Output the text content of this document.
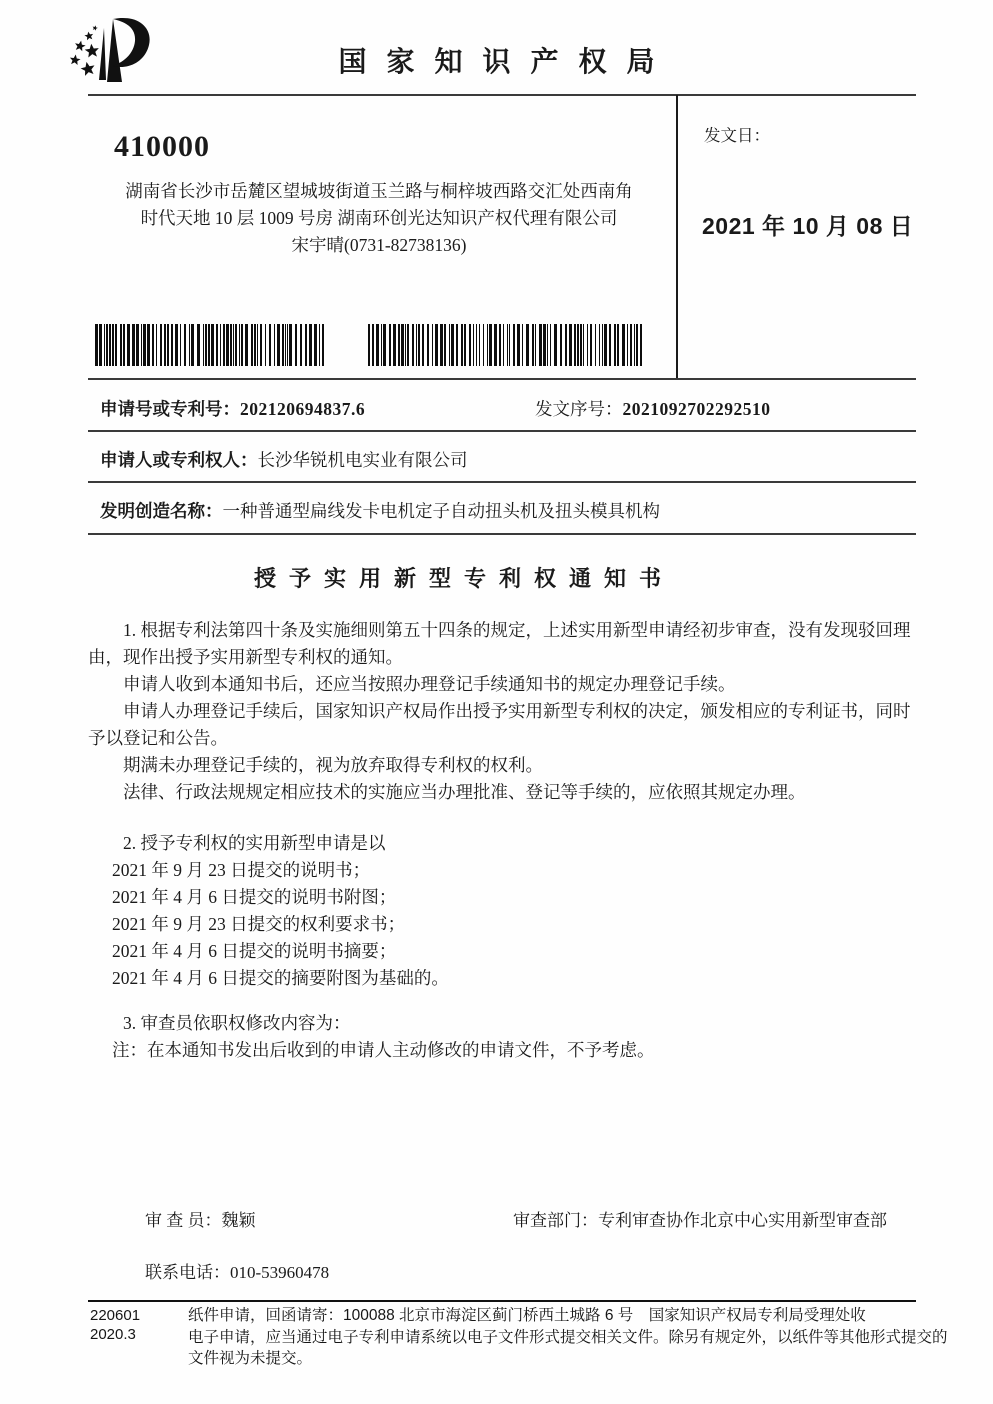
国家知识产权局
410000
湖南省长沙市岳麓区望城坡街道玉兰路与桐梓坡西路交汇处西南角
时代天地 10 层 1009 号房 湖南环创光达知识产权代理有限公司
宋宇晴(0731-82738136)
发文日：
2021 年 10 月 08 日
申请号或专利号：202120694837.6	发文序号：2021092702292510
申请人或专利权人：长沙华锐机电实业有限公司
发明创造名称：一种普通型扁线发卡电机定子自动扭头机及扭头模具机构
授予实用新型专利权通知书
1. 根据专利法第四十条及实施细则第五十四条的规定，上述实用新型申请经初步审查，没有发现驳回理
由，现作出授予实用新型专利权的通知。
申请人收到本通知书后，还应当按照办理登记手续通知书的规定办理登记手续。
申请人办理登记手续后，国家知识产权局作出授予实用新型专利权的决定，颁发相应的专利证书，同时
予以登记和公告。
期满未办理登记手续的，视为放弃取得专利权的权利。
法律、行政法规规定相应技术的实施应当办理批准、登记等手续的，应依照其规定办理。
2. 授予专利权的实用新型申请是以
2021 年 9 月 23 日提交的说明书；
2021 年 4 月 6 日提交的说明书附图；
2021 年 9 月 23 日提交的权利要求书；
2021 年 4 月 6 日提交的说明书摘要；
2021 年 4 月 6 日提交的摘要附图为基础的。
3. 审查员依职权修改内容为：
注：在本通知书发出后收到的申请人主动修改的申请文件，不予考虑。
审 查 员：魏颖	审查部门：专利审查协作北京中心实用新型审查部
联系电话：010-53960478
220601
2020.3
纸件申请，回函请寄：100088 北京市海淀区蓟门桥西土城路 6 号　国家知识产权局专利局受理处收
电子申请，应当通过电子专利申请系统以电子文件形式提交相关文件。除另有规定外，以纸件等其他形式提交的
文件视为未提交。
